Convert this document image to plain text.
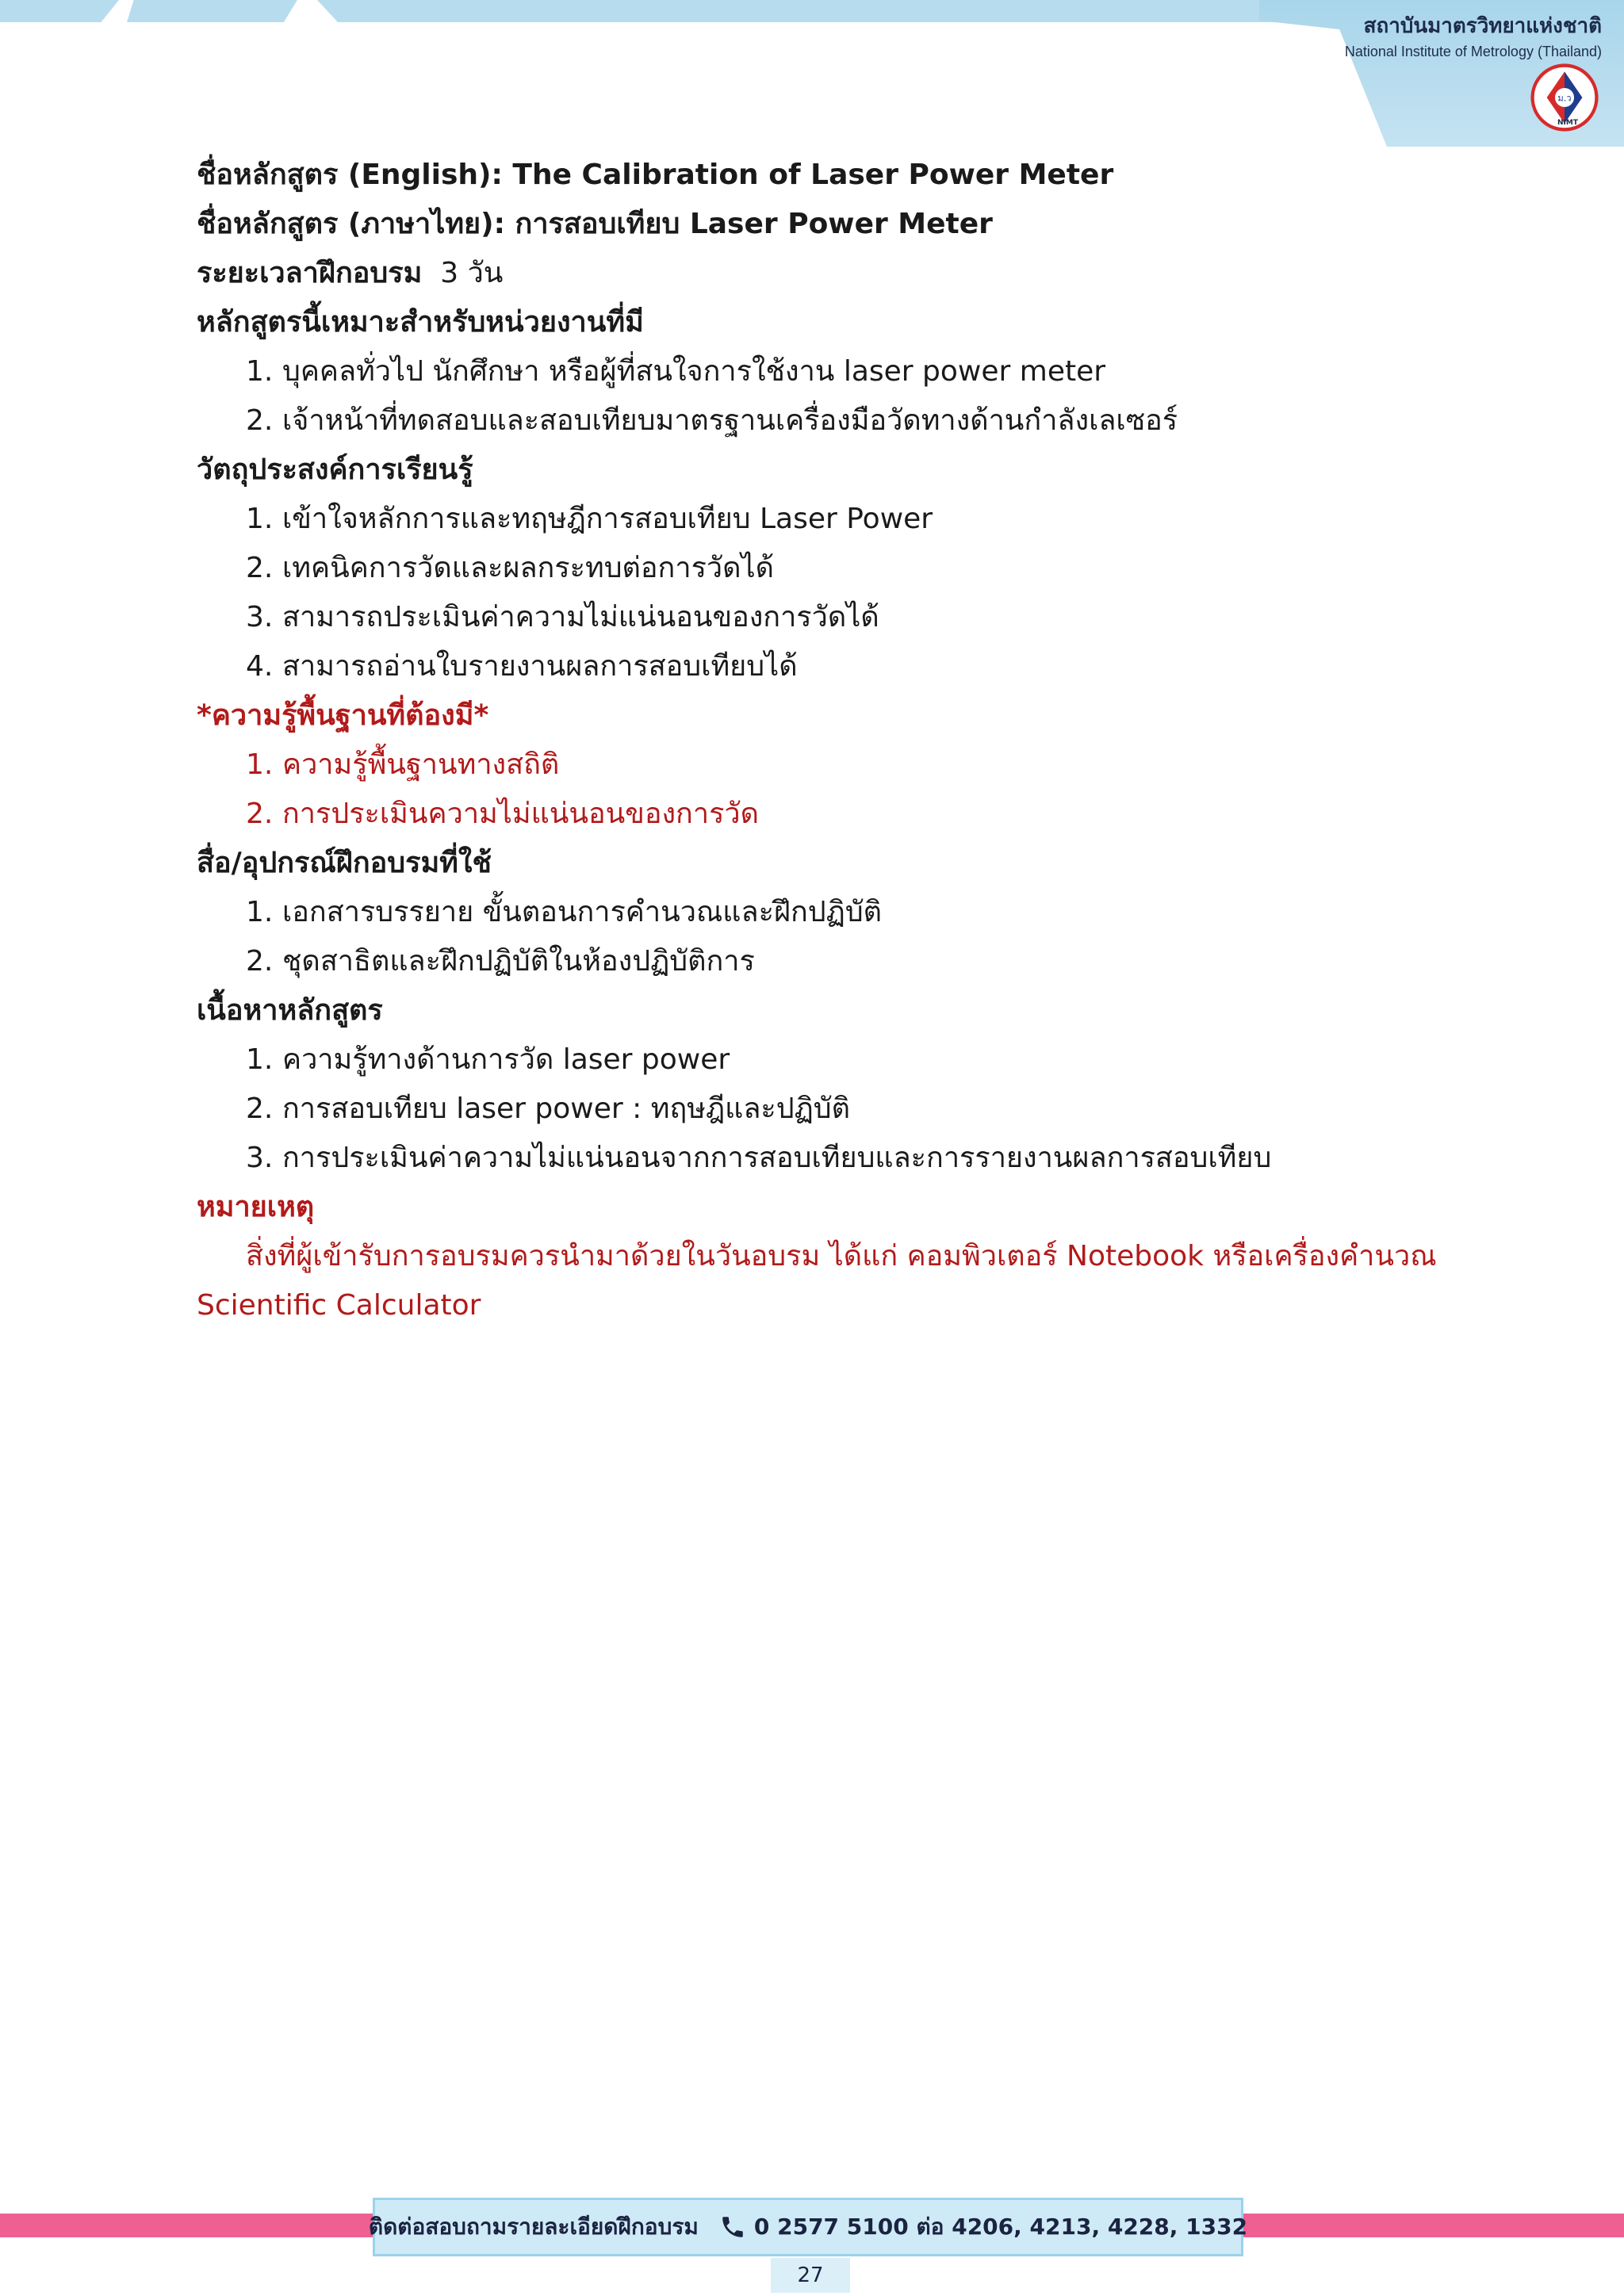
สถาบันมาตรวิทยาแห่งชาติ
National Institute of Metrology (Thailand)
ม.ว
NIMT
ชื่อหลักสูตร (English): The Calibration of Laser Power Meter
ชื่อหลักสูตร (ภาษาไทย): การสอบเทียบ Laser Power Meter
ระยะเวลาฝึกอบรม 3 วัน
หลักสูตรนี้เหมาะสำหรับหน่วยงานที่มี
1. บุคคลทั่วไป นักศึกษา หรือผู้ที่สนใจการใช้งาน laser power meter
2. เจ้าหน้าที่ทดสอบและสอบเทียบมาตรฐานเครื่องมือวัดทางด้านกำลังเลเซอร์
วัตถุประสงค์การเรียนรู้
1. เข้าใจหลักการและทฤษฎีการสอบเทียบ Laser Power
2. เทคนิคการวัดและผลกระทบต่อการวัดได้
3. สามารถประเมินค่าความไม่แน่นอนของการวัดได้
4. สามารถอ่านใบรายงานผลการสอบเทียบได้
*ความรู้พื้นฐานที่ต้องมี*
1. ความรู้พื้นฐานทางสถิติ
2. การประเมินความไม่แน่นอนของการวัด
สื่อ/อุปกรณ์ฝึกอบรมที่ใช้
1. เอกสารบรรยาย ขั้นตอนการคำนวณและฝึกปฏิบัติ
2. ชุดสาธิตและฝึกปฏิบัติในห้องปฏิบัติการ
เนื้อหาหลักสูตร
1. ความรู้ทางด้านการวัด laser power
2. การสอบเทียบ laser power : ทฤษฎีและปฏิบัติ
3. การประเมินค่าความไม่แน่นอนจากการสอบเทียบและการรายงานผลการสอบเทียบ
หมายเหตุ
สิ่งที่ผู้เข้ารับการอบรมควรนำมาด้วยในวันอบรม ได้แก่ คอมพิวเตอร์ Notebook หรือเครื่องคำนวณ
Scientific Calculator
ติดต่อสอบถามรายละเอียดฝึกอบรม	0 2577 5100 ต่อ 4206, 4213, 4228, 1332
27
